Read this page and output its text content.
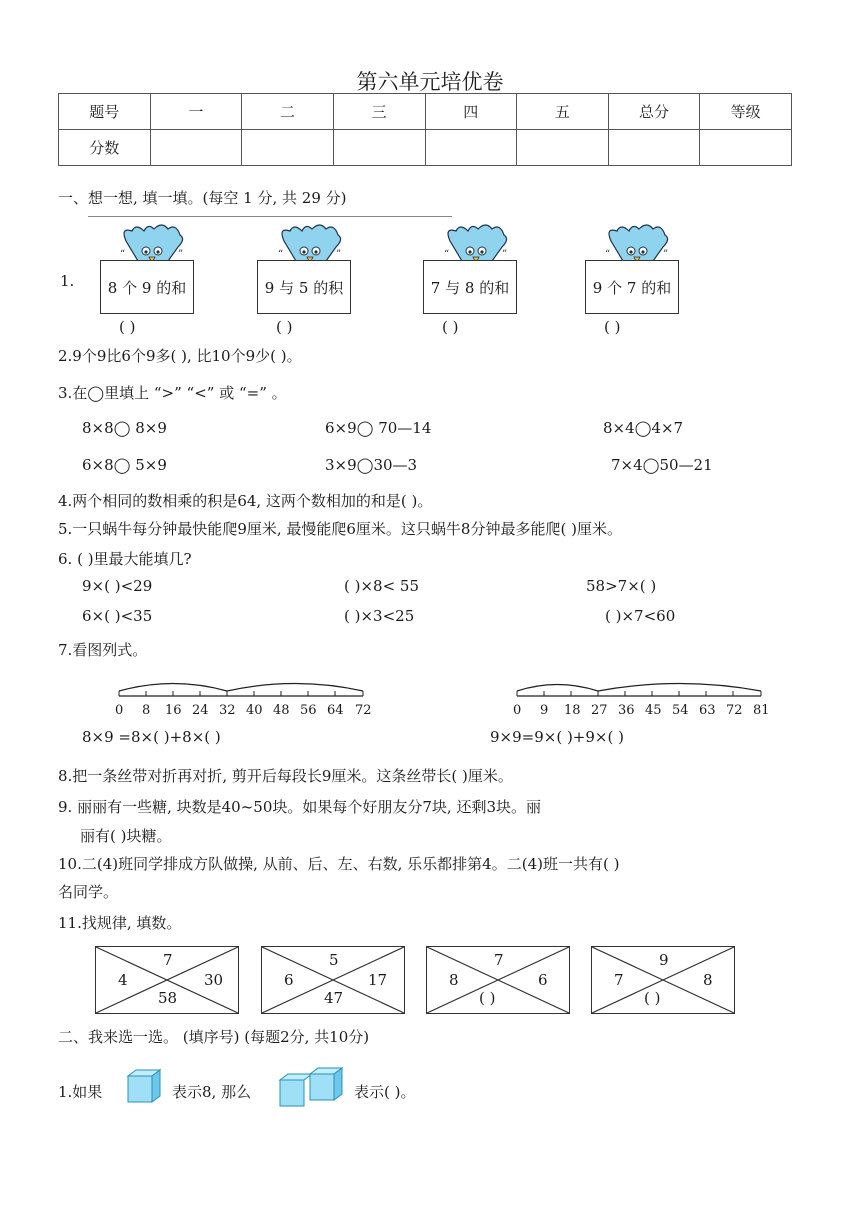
第六单元培优卷
题号	一	二	三	四	五	总分	等级
分数							
一、想一想, 填一填。(每空 1 分, 共 29 分)
1.
“	”
8 个 9 的和
( )
“	”
9 与 5 的积
( )
“	”
7 与 8 的和
( )
“	”
9 个 7 的和
( )
2.9个9比6个9多( ), 比10个9少( )。
3.在◯里填上 “>” “<” 或 “=” 。
8×8◯ 8×9	6×9◯ 70—14	8×4◯4×7
6×8◯ 5×9	3×9◯30—3	7×4◯50—21
4.两个相同的数相乘的积是64, 这两个数相加的和是( )。
5.一只蜗牛每分钟最快能爬9厘米, 最慢能爬6厘米。这只蜗牛8分钟最多能爬( )厘米。
6. ( )里最大能填几?
9×( )<29	( )×8< 55	58>7×( )
6×( )<35	( )×3<25	( )×7<60
7.看图列式。
0 8 16 24 32 40 48 56 64 72	0 9 18 27 36 45 54 63 72 81
8×9 =8×( )+8×( )	9×9=9×( )+9×( )
8.把一条丝带对折再对折, 剪开后每段长9厘米。这条丝带长( )厘米。
9. 丽丽有一些糖, 块数是40~50块。如果每个好朋友分7块, 还剩3块。丽
丽有( )块糖。
10.二(4)班同学排成方队做操, 从前、后、左、右数, 乐乐都排第4。二(4)班一共有( )
名同学。
11.找规律, 填数。
7
4	30
58
5
6	17
47
7
8	6
( )
9
7	8
( )
二、我来选一选。 (填序号) (每题2分, 共10分)
1.如果	表示8, 那么	表示( )。
